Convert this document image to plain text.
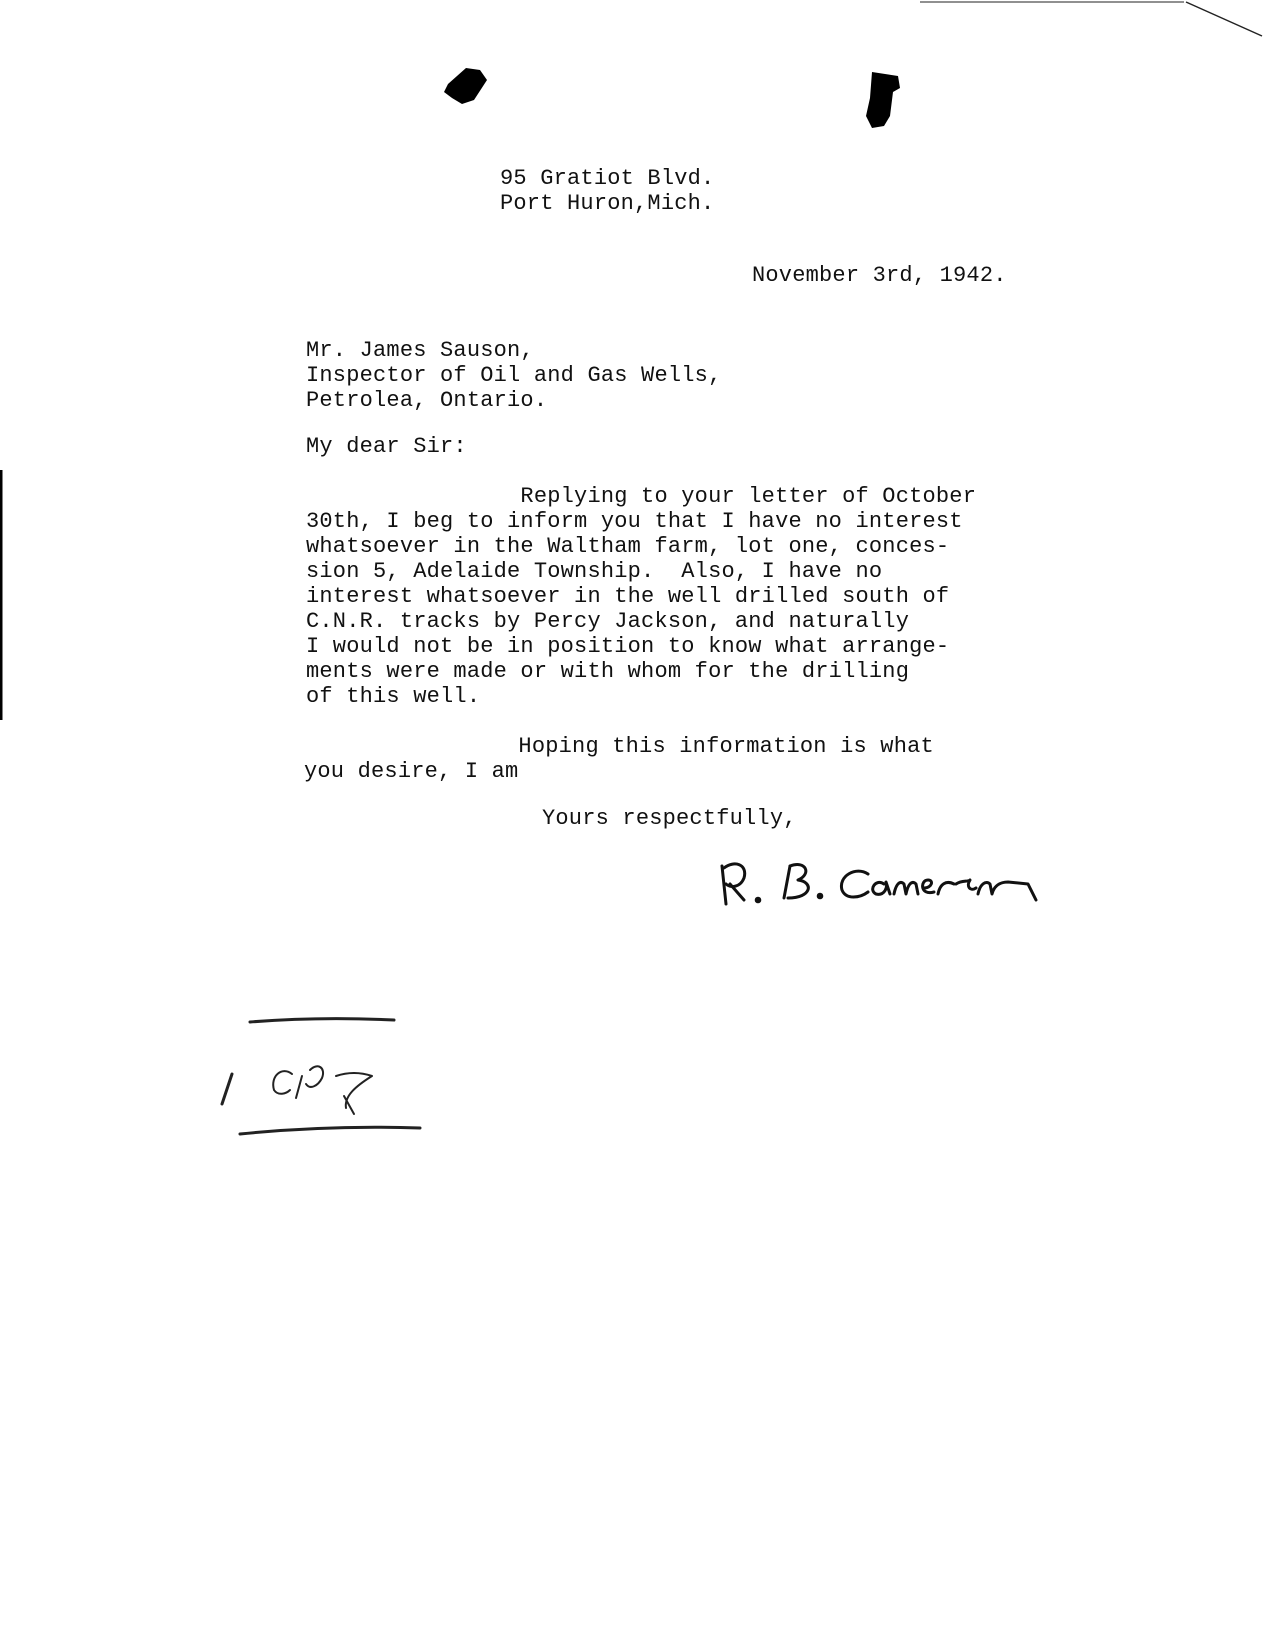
95 Gratiot Blvd.
Port Huron,Mich.
November 3rd, 1942.
Mr. James Sauson,
Inspector of Oil and Gas Wells,
Petrolea, Ontario.
My dear Sir:
Replying to your letter of October
30th, I beg to inform you that I have no interest
whatsoever in the Waltham farm, lot one, conces-
sion 5, Adelaide Township.  Also, I have no
interest whatsoever in the well drilled south of
C.N.R. tracks by Percy Jackson, and naturally
I would not be in position to know what arrange-
ments were made or with whom for the drilling
of this well.
Hoping this information is what
you desire, I am
Yours respectfully,
